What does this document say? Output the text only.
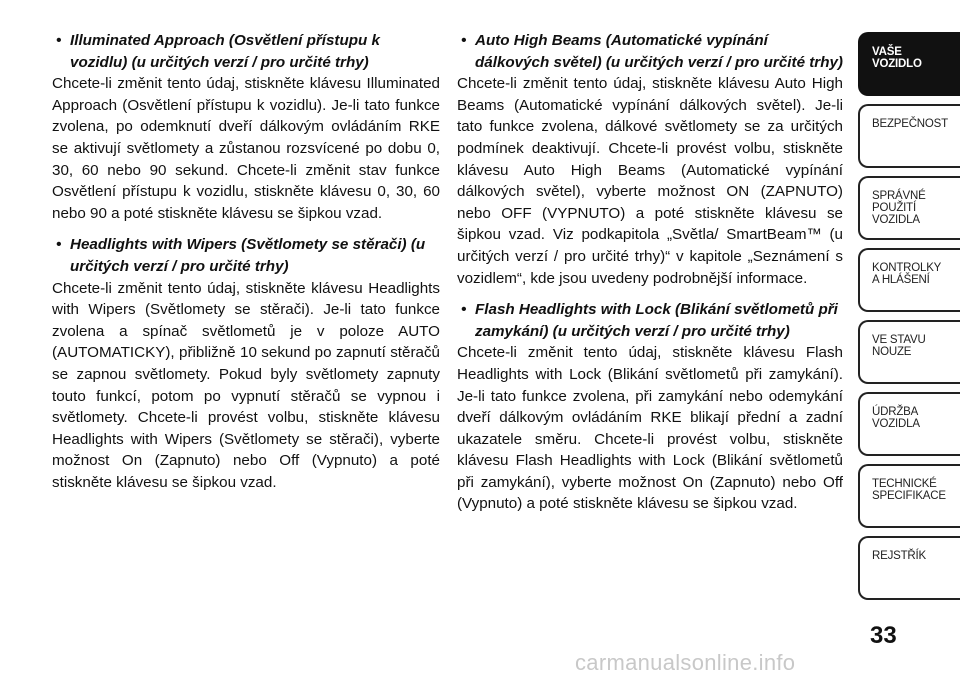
• Illuminated Approach (Osvětlení přístupu k vozidlu) (u určitých verzí / pro určité trhy)

Chcete-li změnit tento údaj, stiskněte klávesu Illuminated Approach (Osvětlení přístupu k vozidlu). Je-li tato funkce zvolena, po odemknutí dveří dálkovým ovládáním RKE se aktivují světlomety a zůstanou rozsvícené po dobu 0, 30, 60 nebo 90 sekund. Chcete-li změnit stav funkce Osvětlení přístupu k vozidlu, stiskněte klávesu 0, 30, 60 nebo 90 a poté stiskněte klávesu se šipkou vzad.

• Headlights with Wipers (Světlomety se stěrači) (u určitých verzí / pro určité trhy)

Chcete-li změnit tento údaj, stiskněte klávesu Headlights with Wipers (Světlomety se stěrači). Je-li tato funkce zvolena a spínač světlometů je v poloze AUTO (AUTOMATICKY), přibližně 10 sekund po zapnutí stěračů se zapnou světlomety. Pokud byly světlomety zapnuty touto funkcí, potom po vypnutí stěračů se vypnou i světlomety. Chcete-li provést volbu, stiskněte klávesu Headlights with Wipers (Světlomety se stěrači), vyberte možnost On (Zapnuto) nebo Off (Vypnuto) a poté stiskněte klávesu se šipkou vzad.

• Auto High Beams (Automatické vypínání dálkových světel) (u určitých verzí / pro určité trhy)

Chcete-li změnit tento údaj, stiskněte klávesu Auto High Beams (Automatické vypínání dálkových světel). Je-li tato funkce zvolena, dálkové světlomety se za určitých podmínek deaktivují. Chcete-li provést volbu, stiskněte klávesu Auto High Beams (Automatické vypínání dálkových světel), vyberte možnost ON (ZAPNUTO) nebo OFF (VYPNUTO) a poté stiskněte klávesu se šipkou vzad. Viz podkapitola „Světla/ SmartBeam™ (u určitých verzí / pro určité trhy)“ v kapitole „Seznámení s vozidlem“, kde jsou uvedeny podrobnější informace.

• Flash Headlights with Lock (Blikání světlometů při zamykání) (u určitých verzí / pro určité trhy)

Chcete-li změnit tento údaj, stiskněte klávesu Flash Headlights with Lock (Blikání světlometů při zamykání). Je-li tato funkce zvolena, při zamykání nebo odemykání dveří dálkovým ovládáním RKE blikají přední a zadní ukazatele směru. Chcete-li provést volbu, stiskněte klávesu Flash Headlights with Lock (Blikání světlometů při zamykání), vyberte možnost On (Zapnuto) nebo Off (Vypnuto) a poté stiskněte klávesu se šipkou vzad.

VAŠE
VOZIDLO
BEZPEČNOST
SPRÁVNÉ
POUŽITÍ
VOZIDLA
KONTROLKY
A HLÁŠENÍ
VE STAVU
NOUZE
ÚDRŽBA
VOZIDLA
TECHNICKÉ
SPECIFIKACE
REJSTŘÍK
33
carmanualsonline.info
